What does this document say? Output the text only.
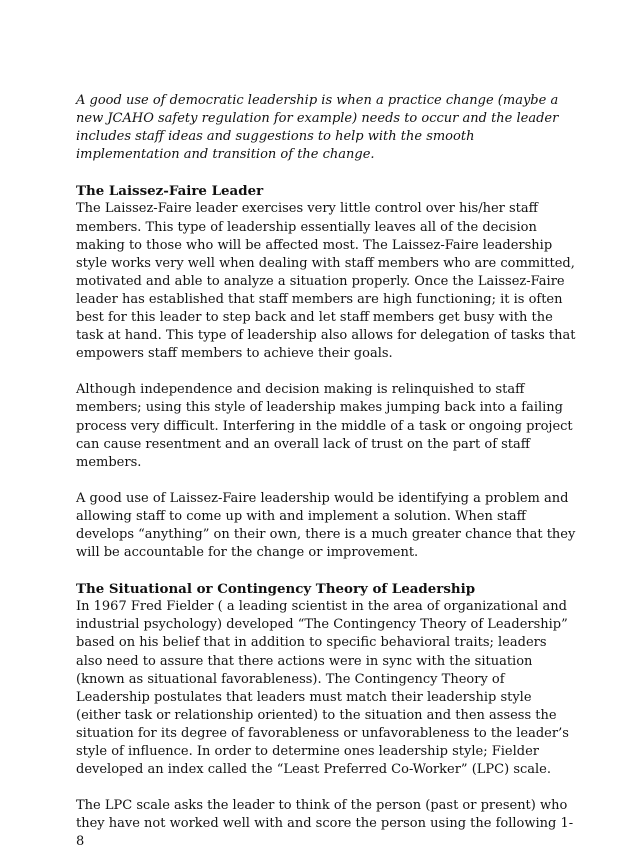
A good use of democratic leadership is when a practice change (maybe a new JCAHO safety regulation for example) needs to occur and the leader includes staff ideas and suggestions to help with the smooth implementation and transition of the change.

The Laissez-Faire Leader

The Laissez-Faire leader exercises very little control over his/her staff members. This type of leadership essentially leaves all of the decision making to those who will be affected most. The Laissez-Faire leadership style works very well when dealing with staff members who are committed, motivated and able to analyze a situation properly. Once the Laissez-Faire leader has established that staff members are high functioning; it is often best for this leader to step back and let staff members get busy with the task at hand. This type of leadership also allows for delegation of tasks that empowers staff members to achieve their goals.

Although independence and decision making is relinquished to staff members; using this style of leadership makes jumping back into a failing process very difficult. Interfering in the middle of a task or ongoing project can cause resentment and an overall lack of trust on the part of staff members.

A good use of Laissez-Faire leadership would be identifying a problem and allowing staff to come up with and implement a solution. When staff develops “anything” on their own, there is a much greater chance that they will be accountable for the change or improvement.

The Situational or Contingency Theory of Leadership

In 1967 Fred Fielder ( a leading scientist in the area of organizational and industrial psychology) developed “The Contingency Theory of Leadership” based on his belief that in addition to specific behavioral traits; leaders also need to assure that there actions were in sync with the situation (known as situational favorableness). The Contingency Theory of Leadership postulates that leaders must match their leadership style (either task or relationship oriented) to the situation and then assess the situation for its degree of favorableness or unfavorableness to the leader’s style of influence. In order to determine ones leadership style; Fielder developed an index called the “Least Preferred Co-Worker” (LPC) scale.

The LPC scale asks the leader to think of the person (past or present) who they have not worked well with and score the person using the following 1-8
